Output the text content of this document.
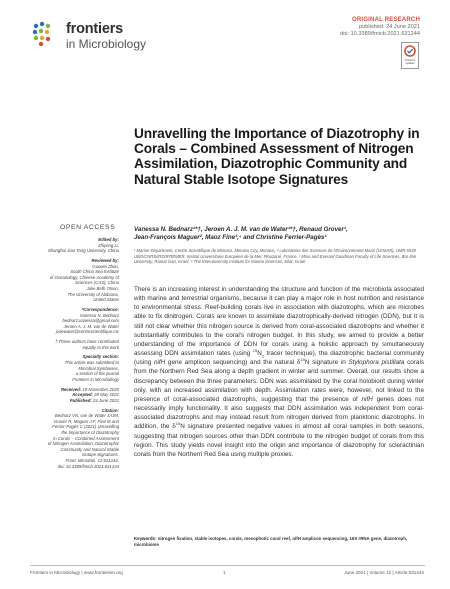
frontiers
in Microbiology
ORIGINAL RESEARCH
published: 24 June 2021
doi: 10.3389/fmicb.2021.631244
Check for updates
Unravelling the Importance of Diazotrophy in Corals – Combined Assessment of Nitrogen Assimilation, Diazotrophic Community and Natural Stable Isotope Signatures
OPEN ACCESS
Edited by:
Zhiyong Li,
Shanghai Jiao Tong University, China
Reviewed by:
Guowei Zhou,
South China Sea Institute
of Oceanology, Chinese Academy of
Sciences (CAS), China
Julie Beth Olson,
The University of Alabama,
United States
*Correspondence:
Vanessa N. Bednarz
bednarz.vanessa@gmail.com
Jeroen A. J. M. van de Water
jvdewater@centrescientifique.mc
† These authors have contributed
equally to this work
Specialty section:
This article was submitted to
Microbial Symbioses,
a section of the journal
Frontiers in Microbiology
Received: 19 November 2020
Accepted: 28 May 2021
Published: 24 June 2021
Citation:
Bednarz VN, van de Water JAJM,
Grover R, Maguer J-F, Fine M and
Ferrier-Pagès C (2021) Unravelling
the Importance of Diazotrophy
in Corals – Combined Assessment
of Nitrogen Assimilation, Diazotrophic
Community and Natural Stable
Isotope Signatures.
Front. Microbiol. 12:631244.
doi: 10.3389/fmicb.2021.631244
Vanessa N. Bednarz¹*†, Jeroen A. J. M. van de Water¹*†, Renaud Grover¹,
Jean-François Maguer², Maoz Fine³,⁴ and Christine Ferrier-Pagès¹
¹ Marine Department, Centre Scientifique de Monaco, Monaco City, Monaco, ² Laboratoire des Sciences de l'Environnement Marin (LEMAR), UMR 6539 UBO/CNRS/IRD/IFREMER, Institut Universitaire Européen de la Mer, Plouzané, France, ³ Mina and Everard Goodman Faculty of Life Sciences, Bar-Ilan University, Ramat Gan, Israel, ⁴ The Interuniversity Institute for Marine Sciences, Eilat, Israel
There is an increasing interest in understanding the structure and function of the microbiota associated with marine and terrestrial organisms, because it can play a major role in host nutrition and resistance to environmental stress. Reef-building corals live in association with diazotrophs, which are microbes able to fix dinitrogen. Corals are known to assimilate diazotrophically-derived nitrogen (DDN), but it is still not clear whether this nitrogen source is derived from coral-associated diazotrophs and whether it substantially contributes to the coral's nitrogen budget. In this study, we aimed to provide a better understanding of the importance of DDN for corals using a holistic approach by simultaneously assessing DDN assimilation rates (using $^{15}N_2$ tracer technique), the diazotrophic bacterial community (using nifH gene amplicon sequencing) and the natural $\delta^{15}N$ signature in Stylophora pistillata corals from the Northern Red Sea along a depth gradient in winter and summer. Overall, our results show a discrepancy between the three parameters. DDN was assimilated by the coral holobiont during winter only, with an increased assimilation with depth. Assimilation rates were, however, not linked to the presence of coral-associated diazotrophs, suggesting that the presence of nifH genes does not necessarily imply functionality. It also suggests that DDN assimilation was independent from coral-associated diazotrophs and may instead result from nitrogen derived from planktonic diazotrophs. In addition, the $\delta^{15}N$ signature presented negative values in almost all coral samples in both seasons, suggesting that nitrogen sources other than DDN contribute to the nitrogen budget of corals from this region. This study yields novel insight into the origin and importance of diazotrophy for scleractinian corals from the Northern Red Sea using multiple proxies.
Keywords: nitrogen fixation, stable isotopes, corals, mesophotic coral reef, nifH amplicon sequencing, 16S rRNA gene, diazotroph, microbiome
Frontiers in Microbiology | www.frontiersin.org	1	June 2021 | Volume 12 | Article 631244
